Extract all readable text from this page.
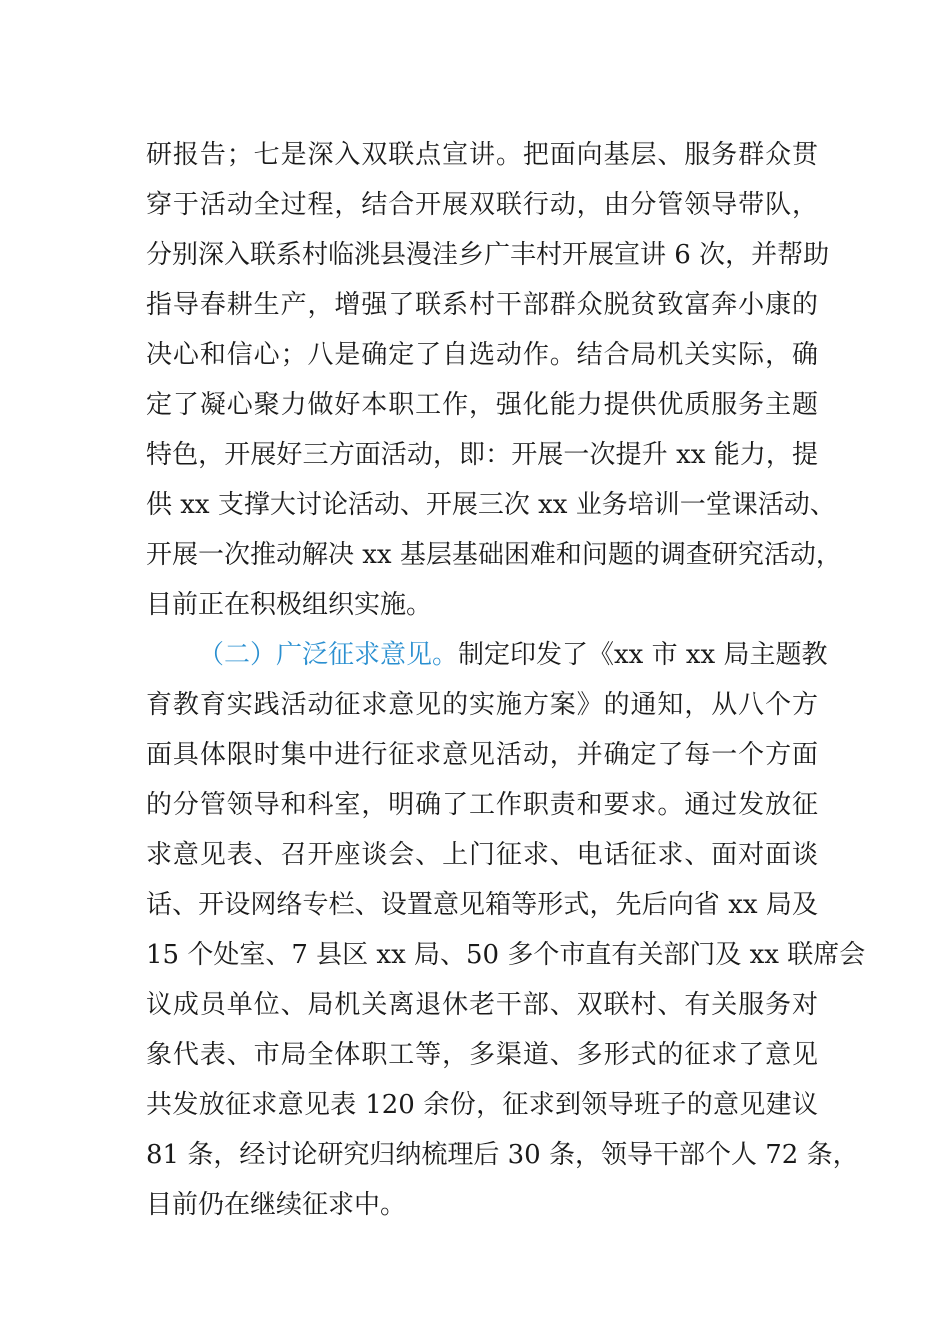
研报告；七是深入双联点宣讲。把面向基层、服务群众贯
穿于活动全过程，结合开展双联行动，由分管领导带队，
分别深入联系村临洮县漫洼乡广丰村开展宣讲 6 次，并帮助
指导春耕生产，增强了联系村干部群众脱贫致富奔小康的
决心和信心；八是确定了自选动作。结合局机关实际，确
定了凝心聚力做好本职工作，强化能力提供优质服务主题
特色，开展好三方面活动，即：开展一次提升 xx 能力，提
供 xx 支撑大讨论活动、开展三次 xx 业务培训一堂课活动、
开展一次推动解决 xx 基层基础困难和问题的调查研究活动，
目前正在积极组织实施。
（二）广泛征求意见。制定印发了《xx 市 xx 局主题教
育教育实践活动征求意见的实施方案》的通知，从八个方
面具体限时集中进行征求意见活动，并确定了每一个方面
的分管领导和科室，明确了工作职责和要求。通过发放征
求意见表、召开座谈会、上门征求、电话征求、面对面谈
话、开设网络专栏、设置意见箱等形式，先后向省 xx 局及
15 个处室、7 县区 xx 局、50 多个市直有关部门及 xx 联席会
议成员单位、局机关离退休老干部、双联村、有关服务对
象代表、市局全体职工等，多渠道、多形式的征求了意见
共发放征求意见表 120 余份，征求到领导班子的意见建议
81 条，经讨论研究归纳梳理后 30 条，领导干部个人 72 条，
目前仍在继续征求中。
